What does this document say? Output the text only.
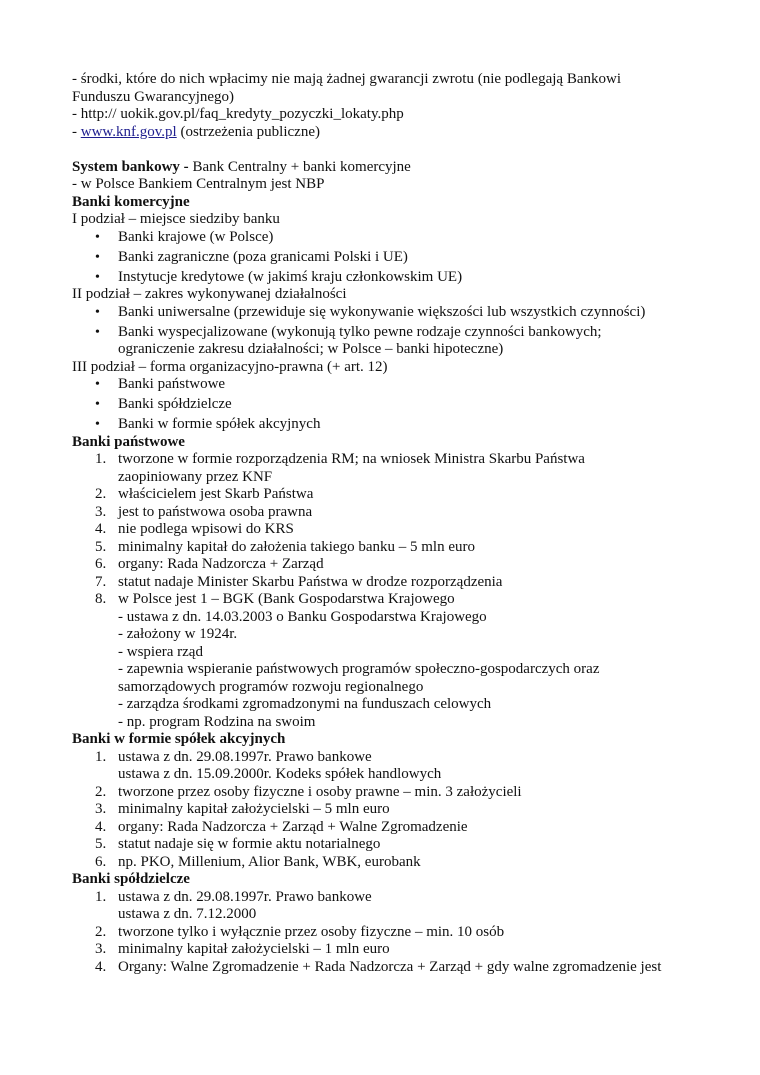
- środki, które do nich wpłacimy nie mają żadnej gwarancji zwrotu (nie podlegają Bankowi
Funduszu Gwarancyjnego)
- http:// uokik.gov.pl/faq_kredyty_pozyczki_lokaty.php
- www.knf.gov.pl (ostrzeżenia publiczne)
System bankowy - Bank Centralny + banki komercyjne
- w Polsce Bankiem Centralnym jest NBP
Banki komercyjne
I podział – miejsce siedziby banku
• Banki krajowe (w Polsce)
• Banki zagraniczne (poza granicami Polski i UE)
• Instytucje kredytowe (w jakimś kraju członkowskim UE)
II podział – zakres wykonywanej działalności
• Banki uniwersalne (przewiduje się wykonywanie większości lub wszystkich czynności)
• Banki wyspecjalizowane (wykonują tylko pewne rodzaje czynności bankowych;
ograniczenie zakresu działalności; w Polsce – banki hipoteczne)
III podział – forma organizacyjno-prawna (+ art. 12)
• Banki państwowe
• Banki spółdzielcze
• Banki w formie spółek akcyjnych
Banki państwowe
1. tworzone w formie rozporządzenia RM; na wniosek Ministra Skarbu Państwa
zaopiniowany przez KNF
2. właścicielem jest Skarb Państwa
3. jest to państwowa osoba prawna
4. nie podlega wpisowi do KRS
5. minimalny kapitał do założenia takiego banku – 5 mln euro
6. organy: Rada Nadzorcza + Zarząd
7. statut nadaje Minister Skarbu Państwa w drodze rozporządzenia
8. w Polsce jest 1 – BGK (Bank Gospodarstwa Krajowego
- ustawa z dn. 14.03.2003 o Banku Gospodarstwa Krajowego
- założony w 1924r.
- wspiera rząd
- zapewnia wspieranie państwowych programów społeczno-gospodarczych oraz
samorządowych programów rozwoju regionalnego
- zarządza środkami zgromadzonymi na funduszach celowych
- np. program Rodzina na swoim
Banki w formie spółek akcyjnych
1. ustawa z dn. 29.08.1997r. Prawo bankowe
ustawa z dn. 15.09.2000r. Kodeks spółek handlowych
2. tworzone przez osoby fizyczne i osoby prawne – min. 3 założycieli
3. minimalny kapitał założycielski – 5 mln euro
4. organy: Rada Nadzorcza + Zarząd + Walne Zgromadzenie
5. statut nadaje się w formie aktu notarialnego
6. np. PKO, Millenium, Alior Bank, WBK, eurobank
Banki spółdzielcze
1. ustawa z dn. 29.08.1997r. Prawo bankowe
ustawa z dn. 7.12.2000
2. tworzone tylko i wyłącznie przez osoby fizyczne – min. 10 osób
3. minimalny kapitał założycielski – 1 mln euro
4. Organy: Walne Zgromadzenie + Rada Nadzorcza + Zarząd + gdy walne zgromadzenie jest
